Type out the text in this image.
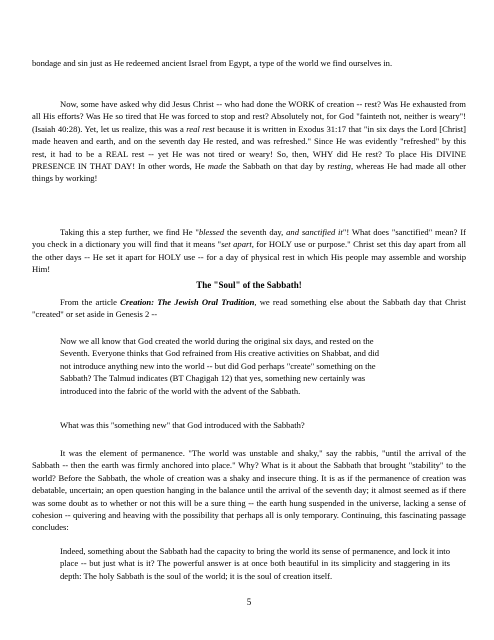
bondage and sin just as He redeemed ancient Israel from Egypt, a type of the world we find ourselves in.

Now, some have asked why did Jesus Christ -- who had done the WORK of creation -- rest? Was He exhausted from all His efforts? Was He so tired that He was forced to stop and rest? Absolutely not, for God "fainteth not, neither is weary"! (Isaiah 40:28). Yet, let us realize, this was a real rest because it is written in Exodus 31:17 that "in six days the Lord [Christ] made heaven and earth, and on the seventh day He rested, and was refreshed." Since He was evidently "refreshed" by this rest, it had to be a REAL rest -- yet He was not tired or weary! So, then, WHY did He rest? To place His DIVINE PRESENCE IN THAT DAY! In other words, He made the Sabbath on that day by resting, whereas He had made all other things by working!

Taking this a step further, we find He "blessed the seventh day, and sanctified it"! What does "sanctified" mean? If you check in a dictionary you will find that it means "set apart, for HOLY use or purpose." Christ set this day apart from all the other days -- He set it apart for HOLY use -- for a day of physical rest in which His people may assemble and worship Him!

The "Soul" of the Sabbath!

From the article Creation: The Jewish Oral Tradition, we read something else about the Sabbath day that Christ "created" or set aside in Genesis 2 --

Now we all know that God created the world during the original six days, and rested on the Seventh. Everyone thinks that God refrained from His creative activities on Shabbat, and did not introduce anything new into the world -- but did God perhaps "create" something on the Sabbath? The Talmud indicates (BT Chagigah 12) that yes, something new certainly was introduced into the fabric of the world with the advent of the Sabbath.

What was this "something new" that God introduced with the Sabbath?

It was the element of permanence. "The world was unstable and shaky," say the rabbis, "until the arrival of the Sabbath -- then the earth was firmly anchored into place." Why? What is it about the Sabbath that brought "stability" to the world? Before the Sabbath, the whole of creation was a shaky and insecure thing. It is as if the permanence of creation was debatable, uncertain; an open question hanging in the balance until the arrival of the seventh day; it almost seemed as if there was some doubt as to whether or not this will be a sure thing -- the earth hung suspended in the universe, lacking a sense of cohesion -- quivering and heaving with the possibility that perhaps all is only temporary. Continuing, this fascinating passage concludes:

Indeed, something about the Sabbath had the capacity to bring the world its sense of permanence, and lock it into place -- but just what is it? The powerful answer is at once both beautiful in its simplicity and staggering in its depth: The holy Sabbath is the soul of the world; it is the soul of creation itself.

5
